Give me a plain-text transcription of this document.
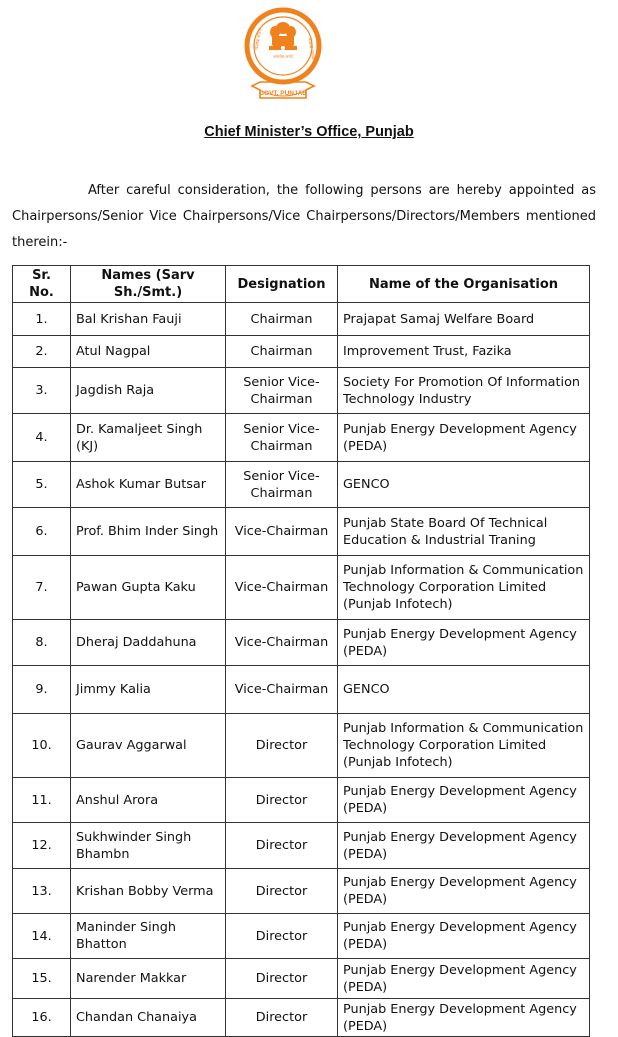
पंजाब राज्य	पंजाब सरकार
सत्यमेव जयते
GOVT. PUNJAB
Chief Minister’s Office, Punjab

After careful consideration, the following persons are hereby appointed as Chairpersons/Senior Vice Chairpersons/Vice Chairpersons/Directors/Members mentioned therein:-

Sr. No.	Names (Sarv Sh./Smt.)	Designation	Name of the Organisation
1.	Bal Krishan Fauji	Chairman	Prajapat Samaj Welfare Board
2.	Atul Nagpal	Chairman	Improvement Trust, Fazika
3.	Jagdish Raja	Senior Vice-Chairman	Society For Promotion Of Information Technology Industry
4.	Dr. Kamaljeet Singh (KJ)	Senior Vice-Chairman	Punjab Energy Development Agency (PEDA)
5.	Ashok Kumar Butsar	Senior Vice-Chairman	GENCO
6.	Prof. Bhim Inder Singh	Vice-Chairman	Punjab State Board Of Technical Education & Industrial Traning
7.	Pawan Gupta Kaku	Vice-Chairman	Punjab Information & Communication Technology Corporation Limited (Punjab Infotech)
8.	Dheraj Daddahuna	Vice-Chairman	Punjab Energy Development Agency (PEDA)
9.	Jimmy Kalia	Vice-Chairman	GENCO
10.	Gaurav Aggarwal	Director	Punjab Information & Communication Technology Corporation Limited (Punjab Infotech)
11.	Anshul Arora	Director	Punjab Energy Development Agency (PEDA)
12.	Sukhwinder Singh Bhambn	Director	Punjab Energy Development Agency (PEDA)
13.	Krishan Bobby Verma	Director	Punjab Energy Development Agency (PEDA)
14.	Maninder Singh Bhatton	Director	Punjab Energy Development Agency (PEDA)
15.	Narender Makkar	Director	Punjab Energy Development Agency (PEDA)
16.	Chandan Chanaiya	Director	Punjab Energy Development Agency (PEDA)
